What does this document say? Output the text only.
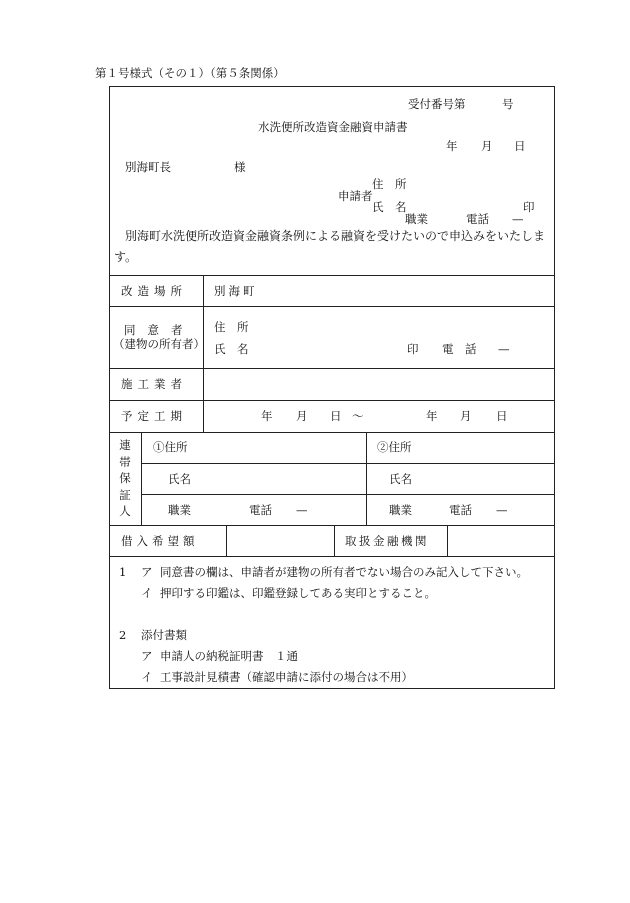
第１号様式（その１）（第５条関係）
受付番号第	号
水洗便所改造資金融資申請書
年 月 日
別海町長	様
住　所
申請者
氏　名	印
職業	電話 —
別海町水洗便所改造資金融資条例による融資を受けたいので申込みをいたしま
す。
改造場所 別海町
同意者
（建物の所有者）
住　所
氏　名	印 電　話 —
施工業者
予定工期	年 月 日 ～	年 月 日
連帯保証人
①住所	②住所
氏名	氏名
職業	電話 —	職業	電話 —
借入希望額	取扱金融機関
1 ア 同意書の欄は、申請者が建物の所有者でない場合のみ記入して下さい。
イ 押印する印鑑は、印鑑登録してある実印とすること。
2 添付書類
ア 申請人の納税証明書　１通
イ 工事設計見積書（確認申請に添付の場合は不用）
